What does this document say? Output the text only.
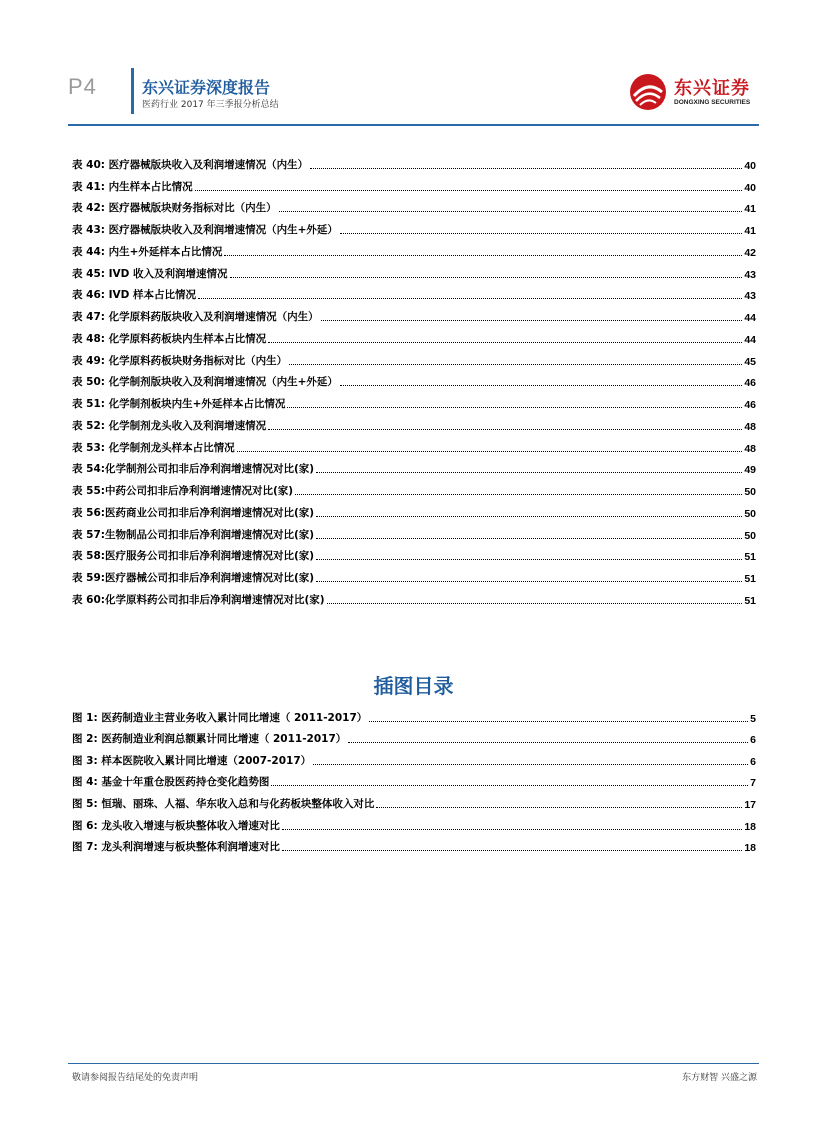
P4	东兴证券深度报告
医药行业 2017 年三季报分析总结
东兴证券
DONGXING SECURITIES
表 40: 医疗器械版块收入及利润增速情况（内生）	40
表 41: 内生样本占比情况	40
表 42: 医疗器械版块财务指标对比（内生）	41
表 43: 医疗器械版块收入及利润增速情况（内生+外延）	41
表 44: 内生+外延样本占比情况	42
表 45: IVD 收入及利润增速情况	43
表 46: IVD 样本占比情况	43
表 47: 化学原料药版块收入及利润增速情况（内生）	44
表 48: 化学原料药板块内生样本占比情况	44
表 49: 化学原料药板块财务指标对比（内生）	45
表 50: 化学制剂版块收入及利润增速情况（内生+外延）	46
表 51: 化学制剂板块内生+外延样本占比情况	46
表 52: 化学制剂龙头收入及利润增速情况	48
表 53: 化学制剂龙头样本占比情况	48
表 54:化学制剂公司扣非后净利润增速情况对比(家)	49
表 55:中药公司扣非后净利润增速情况对比(家)	50
表 56:医药商业公司扣非后净利润增速情况对比(家)	50
表 57:生物制品公司扣非后净利润增速情况对比(家)	50
表 58:医疗服务公司扣非后净利润增速情况对比(家)	51
表 59:医疗器械公司扣非后净利润增速情况对比(家)	51
表 60:化学原料药公司扣非后净利润增速情况对比(家)	51
插图目录
图 1: 医药制造业主营业务收入累计同比增速（ 2011-2017）	5
图 2: 医药制造业利润总额累计同比增速（ 2011-2017）	6
图 3: 样本医院收入累计同比增速（2007-2017）	6
图 4: 基金十年重仓股医药持仓变化趋势图	7
图 5: 恒瑞、丽珠、人福、华东收入总和与化药板块整体收入对比	17
图 6: 龙头收入增速与板块整体收入增速对比	18
图 7: 龙头利润增速与板块整体利润增速对比	18
敬请参阅报告结尾处的免责声明	东方财智 兴盛之源
